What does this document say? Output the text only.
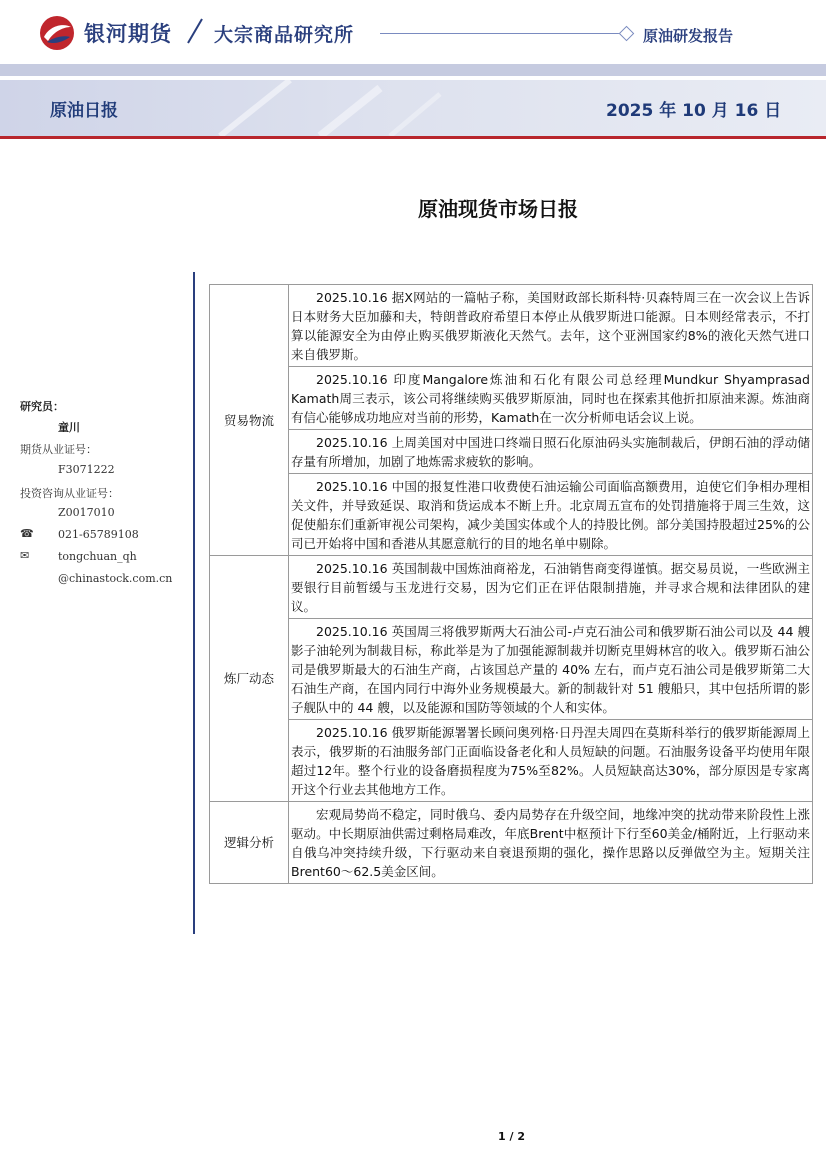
银河期货 大宗商品研究所	原油研发报告
原油日报	2025 年 10 月 16 日
原油现货市场日报
研究员：
童川
期货从业证号：
F3071222
投资咨询从业证号：
Z0017010
☎ 021-65789108
✉	tongchuan_qh
@chinastock.com.cn
贸易物流	2025.10.16 据X网站的一篇帖子称，美国财政部长斯科特·贝森特周三在一次会议上告诉日本财务大臣加藤和夫，特朗普政府希望日本停止从俄罗斯进口能源。日本则经常表示，不打算以能源安全为由停止购买俄罗斯液化天然气。去年，这个亚洲国家约8%的液化天然气进口来自俄罗斯。
	2025.10.16 印度Mangalore炼油和石化有限公司总经理Mundkur Shyamprasad Kamath周三表示，该公司将继续购买俄罗斯原油，同时也在探索其他折扣原油来源。炼油商有信心能够成功地应对当前的形势，Kamath在一次分析师电话会议上说。
	2025.10.16 上周美国对中国进口终端日照石化原油码头实施制裁后，伊朗石油的浮动储存量有所增加，加剧了地炼需求疲软的影响。
	2025.10.16 中国的报复性港口收费使石油运输公司面临高额费用，迫使它们争相办理相关文件，并导致延误、取消和货运成本不断上升。北京周五宣布的处罚措施将于周三生效，这促使船东们重新审视公司架构，减少美国实体或个人的持股比例。部分美国持股超过25%的公司已开始将中国和香港从其愿意航行的目的地名单中剔除。
炼厂动态	2025.10.16 英国制裁中国炼油商裕龙，石油销售商变得谨慎。据交易员说，一些欧洲主要银行目前暂缓与玉龙进行交易，因为它们正在评估限制措施，并寻求合规和法律团队的建议。
	2025.10.16 英国周三将俄罗斯两大石油公司-卢克石油公司和俄罗斯石油公司以及 44 艘影子油轮列为制裁目标，称此举是为了加强能源制裁并切断克里姆林宫的收入。俄罗斯石油公司是俄罗斯最大的石油生产商，占该国总产量的 40% 左右，而卢克石油公司是俄罗斯第二大石油生产商，在国内同行中海外业务规模最大。新的制裁针对 51 艘船只，其中包括所谓的影子舰队中的 44 艘，以及能源和国防等领域的个人和实体。
	2025.10.16 俄罗斯能源署署长顾问奥列格·日丹涅夫周四在莫斯科举行的俄罗斯能源周上表示，俄罗斯的石油服务部门正面临设备老化和人员短缺的问题。石油服务设备平均使用年限超过12年。整个行业的设备磨损程度为75%至82%。人员短缺高达30%，部分原因是专家离开这个行业去其他地方工作。
逻辑分析	宏观局势尚不稳定，同时俄乌、委内局势存在升级空间，地缘冲突的扰动带来阶段性上涨驱动。中长期原油供需过剩格局难改，年底Brent中枢预计下行至60美金/桶附近，上行驱动来自俄乌冲突持续升级，下行驱动来自衰退预期的强化，操作思路以反弹做空为主。短期关注Brent60～62.5美金区间。
1 / 2
